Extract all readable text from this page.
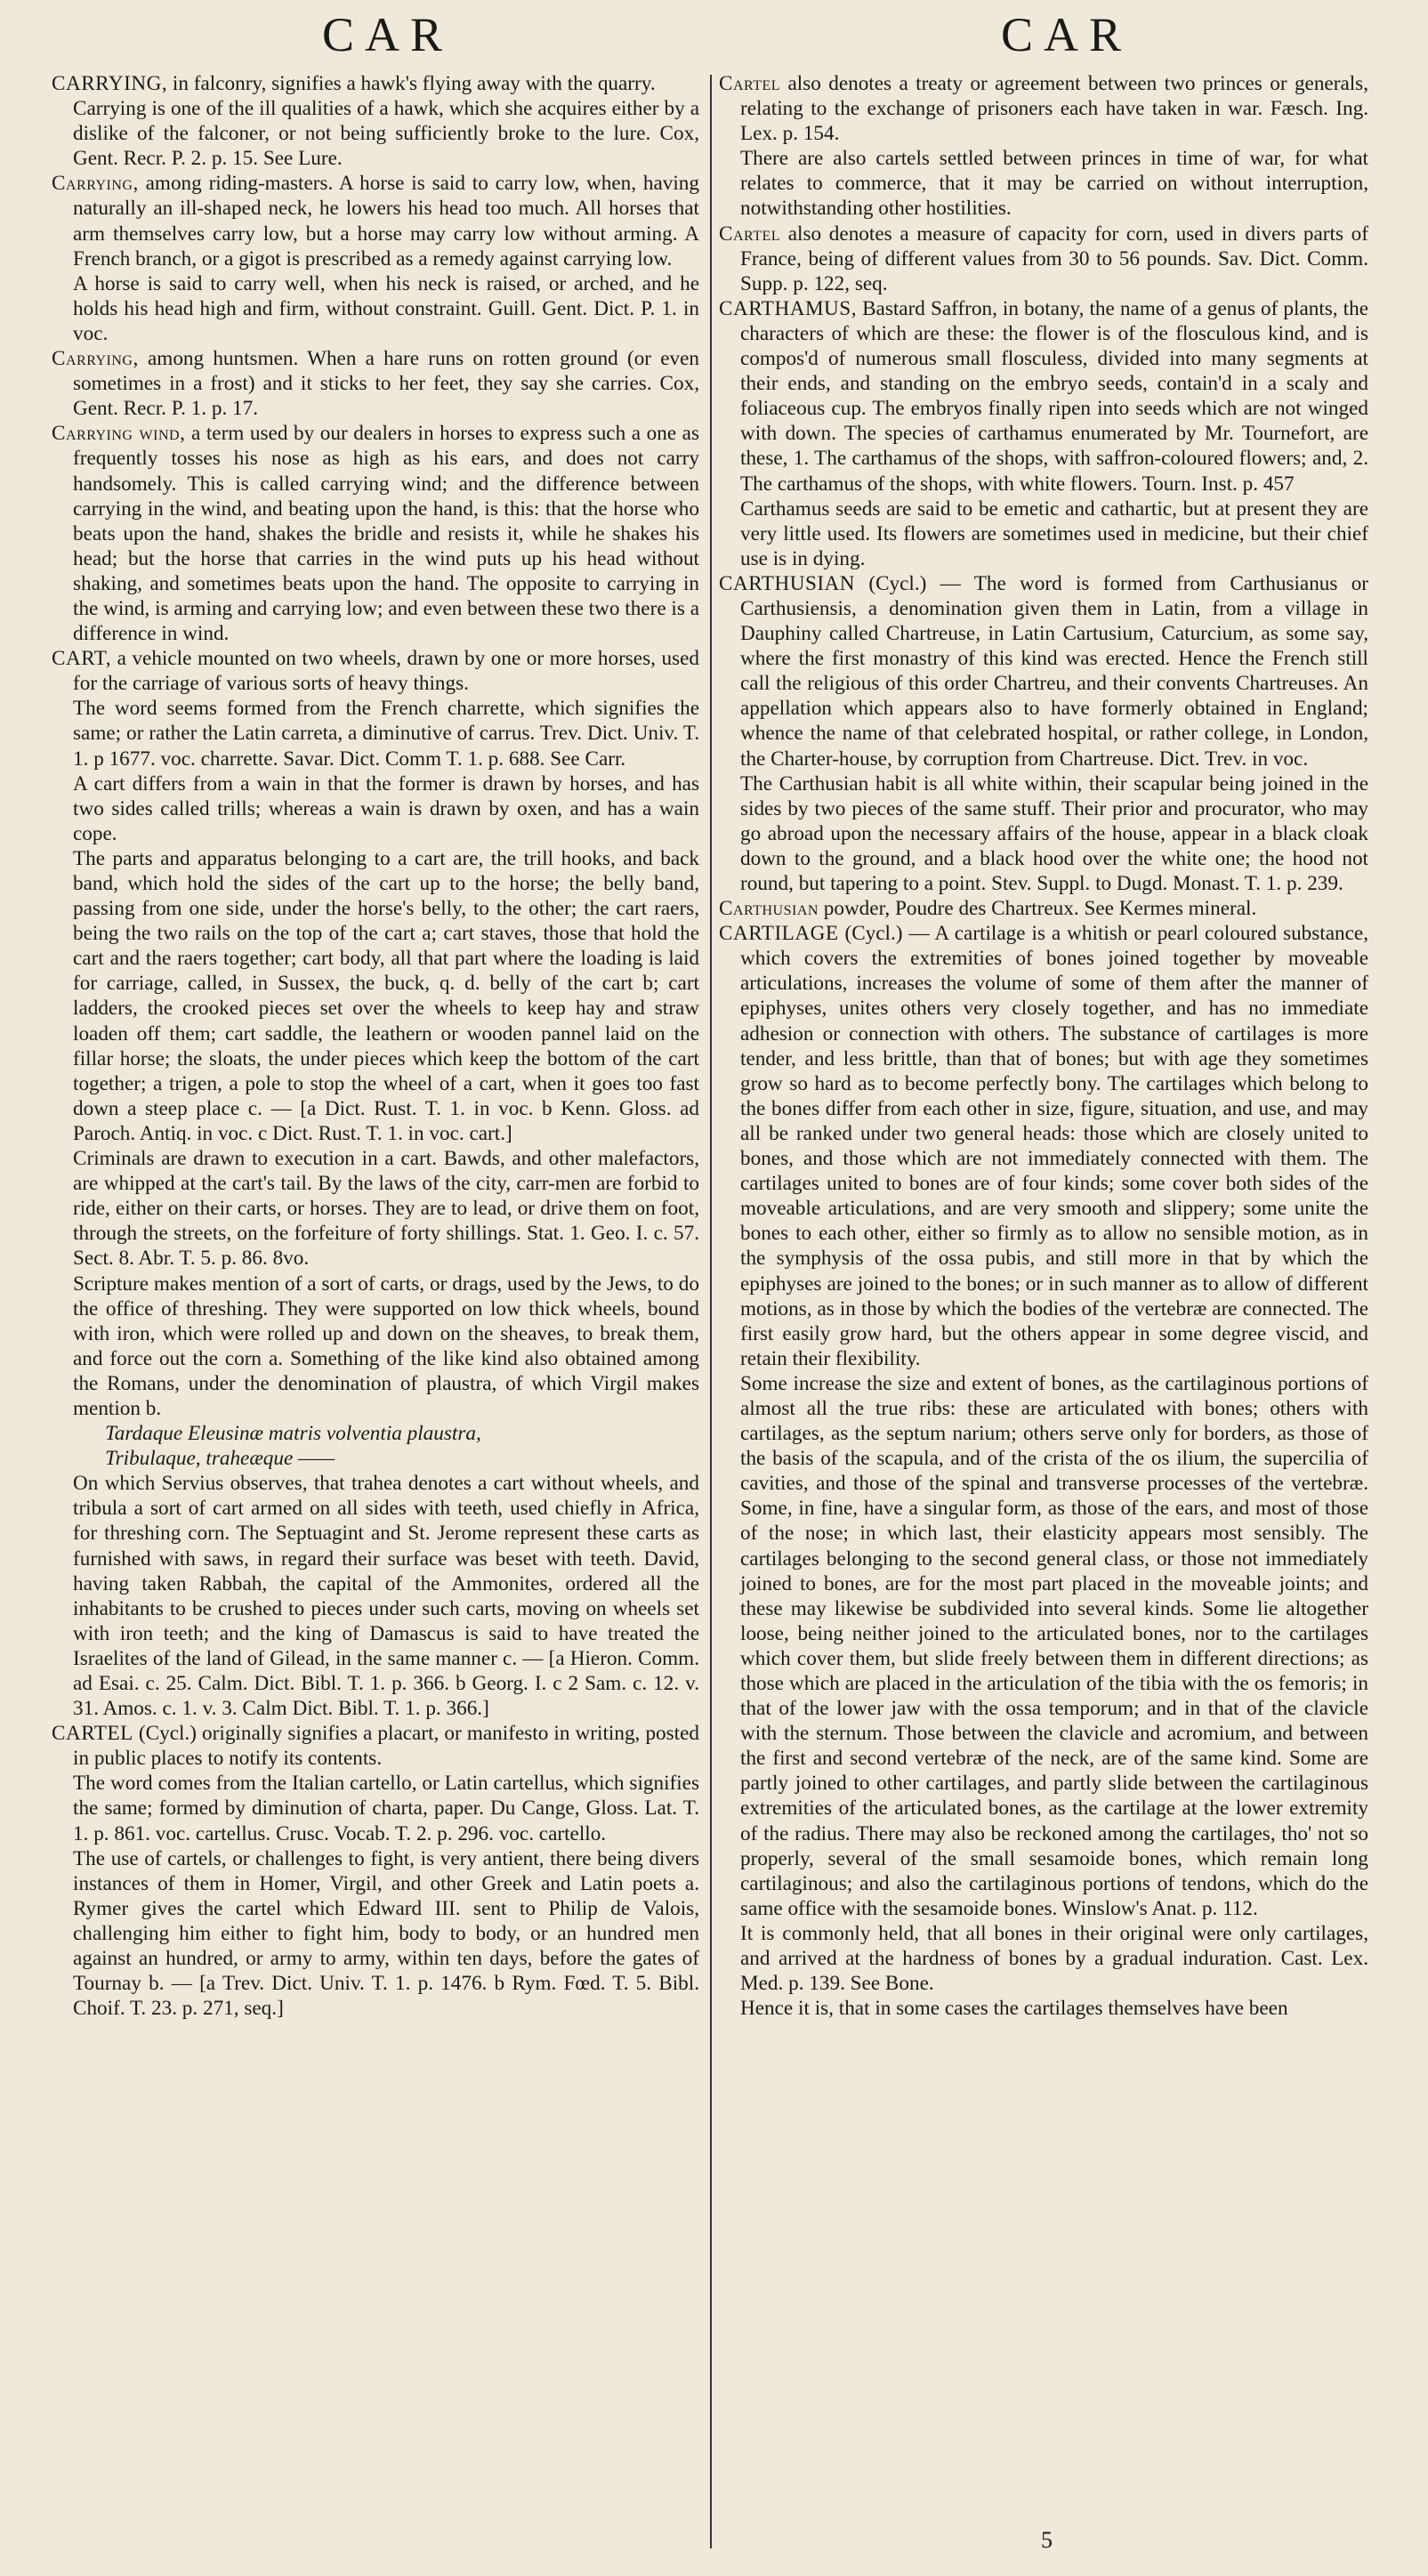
CAR	CAR

CARRYING, in falconry, signifies a hawk's flying away with the quarry.

Carrying is one of the ill qualities of a hawk, which she acquires either by a dislike of the falconer, or not being sufficiently broke to the lure. Cox, Gent. Recr. P. 2. p. 15. See Lure.

Carrying, among riding-masters. A horse is said to carry low, when, having naturally an ill-shaped neck, he lowers his head too much. All horses that arm themselves carry low, but a horse may carry low without arming. A French branch, or a gigot is prescribed as a remedy against carrying low.

A horse is said to carry well, when his neck is raised, or arched, and he holds his head high and firm, without constraint. Guill. Gent. Dict. P. 1. in voc.

Carrying, among huntsmen. When a hare runs on rotten ground (or even sometimes in a frost) and it sticks to her feet, they say she carries. Cox, Gent. Recr. P. 1. p. 17.

Carrying wind, a term used by our dealers in horses to express such a one as frequently tosses his nose as high as his ears, and does not carry handsomely. This is called carrying wind; and the difference between carrying in the wind, and beating upon the hand, is this: that the horse who beats upon the hand, shakes the bridle and resists it, while he shakes his head; but the horse that carries in the wind puts up his head without shaking, and sometimes beats upon the hand. The opposite to carrying in the wind, is arming and carrying low; and even between these two there is a difference in wind.

CART, a vehicle mounted on two wheels, drawn by one or more horses, used for the carriage of various sorts of heavy things.

The word seems formed from the French charrette, which signifies the same; or rather the Latin carreta, a diminutive of carrus. Trev. Dict. Univ. T. 1. p 1677. voc. charrette. Savar. Dict. Comm T. 1. p. 688. See Carr.

A cart differs from a wain in that the former is drawn by horses, and has two sides called trills; whereas a wain is drawn by oxen, and has a wain cope.

The parts and apparatus belonging to a cart are, the trill hooks, and back band, which hold the sides of the cart up to the horse; the belly band, passing from one side, under the horse's belly, to the other; the cart raers, being the two rails on the top of the cart a; cart staves, those that hold the cart and the raers together; cart body, all that part where the loading is laid for carriage, called, in Sussex, the buck, q. d. belly of the cart b; cart ladders, the crooked pieces set over the wheels to keep hay and straw loaden off them; cart saddle, the leathern or wooden pannel laid on the fillar horse; the sloats, the under pieces which keep the bottom of the cart together; a trigen, a pole to stop the wheel of a cart, when it goes too fast down a steep place c. — [a Dict. Rust. T. 1. in voc. b Kenn. Gloss. ad Paroch. Antiq. in voc. c Dict. Rust. T. 1. in voc. cart.]

Criminals are drawn to execution in a cart. Bawds, and other malefactors, are whipped at the cart's tail. By the laws of the city, carr-men are forbid to ride, either on their carts, or horses. They are to lead, or drive them on foot, through the streets, on the forfeiture of forty shillings. Stat. 1. Geo. I. c. 57. Sect. 8. Abr. T. 5. p. 86. 8vo.

Scripture makes mention of a sort of carts, or drags, used by the Jews, to do the office of threshing. They were supported on low thick wheels, bound with iron, which were rolled up and down on the sheaves, to break them, and force out the corn a. Something of the like kind also obtained among the Romans, under the denomination of plaustra, of which Virgil makes mention b.

Tardaque Eleusinæ matris volventia plaustra,

Tribulaque, traheæque ——

On which Servius observes, that trahea denotes a cart without wheels, and tribula a sort of cart armed on all sides with teeth, used chiefly in Africa, for threshing corn. The Septuagint and St. Jerome represent these carts as furnished with saws, in regard their surface was beset with teeth. David, having taken Rabbah, the capital of the Ammonites, ordered all the inhabitants to be crushed to pieces under such carts, moving on wheels set with iron teeth; and the king of Damascus is said to have treated the Israelites of the land of Gilead, in the same manner c. — [a Hieron. Comm. ad Esai. c. 25. Calm. Dict. Bibl. T. 1. p. 366. b Georg. I. c 2 Sam. c. 12. v. 31. Amos. c. 1. v. 3. Calm Dict. Bibl. T. 1. p. 366.]

CARTEL (Cycl.) originally signifies a placart, or manifesto in writing, posted in public places to notify its contents.

The word comes from the Italian cartello, or Latin cartellus, which signifies the same; formed by diminution of charta, paper. Du Cange, Gloss. Lat. T. 1. p. 861. voc. cartellus. Crusc. Vocab. T. 2. p. 296. voc. cartello.

The use of cartels, or challenges to fight, is very antient, there being divers instances of them in Homer, Virgil, and other Greek and Latin poets a. Rymer gives the cartel which Edward III. sent to Philip de Valois, challenging him either to fight him, body to body, or an hundred men against an hundred, or army to army, within ten days, before the gates of Tournay b. — [a Trev. Dict. Univ. T. 1. p. 1476. b Rym. Fœd. T. 5. Bibl. Choif. T. 23. p. 271, seq.]

Cartel also denotes a treaty or agreement between two princes or generals, relating to the exchange of prisoners each have taken in war. Fæsch. Ing. Lex. p. 154.

There are also cartels settled between princes in time of war, for what relates to commerce, that it may be carried on without interruption, notwithstanding other hostilities.

Cartel also denotes a measure of capacity for corn, used in divers parts of France, being of different values from 30 to 56 pounds. Sav. Dict. Comm. Supp. p. 122, seq.

CARTHAMUS, Bastard Saffron, in botany, the name of a genus of plants, the characters of which are these: the flower is of the flosculous kind, and is compos'd of numerous small flosculess, divided into many segments at their ends, and standing on the embryo seeds, contain'd in a scaly and foliaceous cup. The embryos finally ripen into seeds which are not winged with down. The species of carthamus enumerated by Mr. Tournefort, are these, 1. The carthamus of the shops, with saffron-coloured flowers; and, 2. The carthamus of the shops, with white flowers. Tourn. Inst. p. 457

Carthamus seeds are said to be emetic and cathartic, but at present they are very little used. Its flowers are sometimes used in medicine, but their chief use is in dying.

CARTHUSIAN (Cycl.) — The word is formed from Carthusianus or Carthusiensis, a denomination given them in Latin, from a village in Dauphiny called Chartreuse, in Latin Cartusium, Caturcium, as some say, where the first monastry of this kind was erected. Hence the French still call the religious of this order Chartreu, and their convents Chartreuses. An appellation which appears also to have formerly obtained in England; whence the name of that celebrated hospital, or rather college, in London, the Charter-house, by corruption from Chartreuse. Dict. Trev. in voc.

The Carthusian habit is all white within, their scapular being joined in the sides by two pieces of the same stuff. Their prior and procurator, who may go abroad upon the necessary affairs of the house, appear in a black cloak down to the ground, and a black hood over the white one; the hood not round, but tapering to a point. Stev. Suppl. to Dugd. Monast. T. 1. p. 239.

Carthusian powder, Poudre des Chartreux. See Kermes mineral.

CARTILAGE (Cycl.) — A cartilage is a whitish or pearl coloured substance, which covers the extremities of bones joined together by moveable articulations, increases the volume of some of them after the manner of epiphyses, unites others very closely together, and has no immediate adhesion or connection with others. The substance of cartilages is more tender, and less brittle, than that of bones; but with age they sometimes grow so hard as to become perfectly bony. The cartilages which belong to the bones differ from each other in size, figure, situation, and use, and may all be ranked under two general heads: those which are closely united to bones, and those which are not immediately connected with them. The cartilages united to bones are of four kinds; some cover both sides of the moveable articulations, and are very smooth and slippery; some unite the bones to each other, either so firmly as to allow no sensible motion, as in the symphysis of the ossa pubis, and still more in that by which the epiphyses are joined to the bones; or in such manner as to allow of different motions, as in those by which the bodies of the vertebræ are connected. The first easily grow hard, but the others appear in some degree viscid, and retain their flexibility.

Some increase the size and extent of bones, as the cartilaginous portions of almost all the true ribs: these are articulated with bones; others with cartilages, as the septum narium; others serve only for borders, as those of the basis of the scapula, and of the crista of the os ilium, the supercilia of cavities, and those of the spinal and transverse processes of the vertebræ. Some, in fine, have a singular form, as those of the ears, and most of those of the nose; in which last, their elasticity appears most sensibly. The cartilages belonging to the second general class, or those not immediately joined to bones, are for the most part placed in the moveable joints; and these may likewise be subdivided into several kinds. Some lie altogether loose, being neither joined to the articulated bones, nor to the cartilages which cover them, but slide freely between them in different directions; as those which are placed in the articulation of the tibia with the os femoris; in that of the lower jaw with the ossa temporum; and in that of the clavicle with the sternum. Those between the clavicle and acromium, and between the first and second vertebræ of the neck, are of the same kind. Some are partly joined to other cartilages, and partly slide between the cartilaginous extremities of the articulated bones, as the cartilage at the lower extremity of the radius. There may also be reckoned among the cartilages, tho' not so properly, several of the small sesamoide bones, which remain long cartilaginous; and also the cartilaginous portions of tendons, which do the same office with the sesamoide bones. Winslow's Anat. p. 112.

It is commonly held, that all bones in their original were only cartilages, and arrived at the hardness of bones by a gradual induration. Cast. Lex. Med. p. 139. See Bone.

Hence it is, that in some cases the cartilages themselves have been

5
